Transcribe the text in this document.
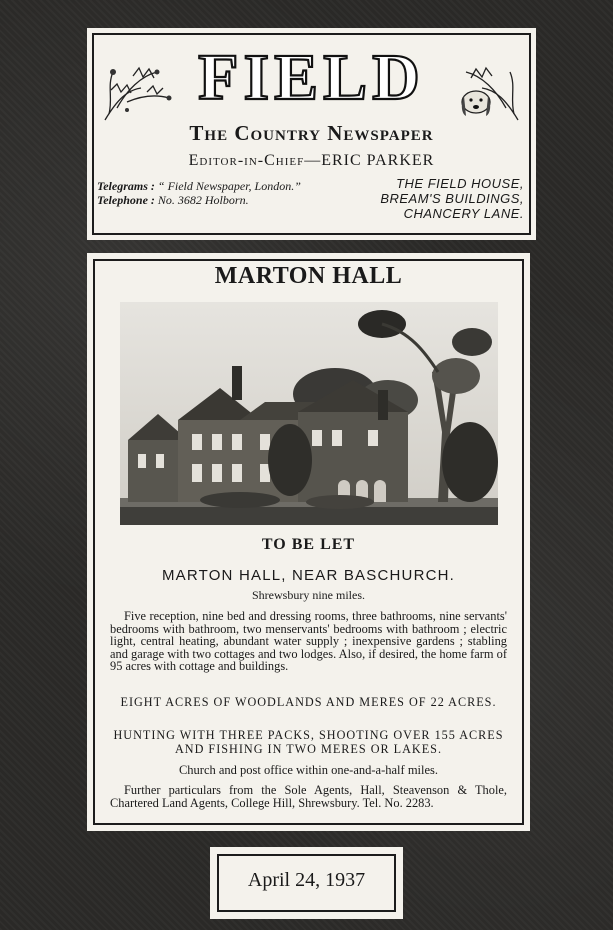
FIELD
The Country Newspaper
Editor-in-Chief—ERIC PARKER
Telegrams : “ Field Newspaper, London.”
Telephone : No. 3682 Holborn.
THE FIELD HOUSE,
BREAM'S BUILDINGS,
CHANCERY LANE.
MARTON HALL
TO BE LET
MARTON HALL, NEAR BASCHURCH.
Shrewsbury nine miles.
Five reception, nine bed and dressing rooms, three bathrooms, nine servants' bedrooms with bathroom, two menservants' bedrooms with bathroom ; electric light, central heating, abundant water supply ; inexpensive gardens ; stabling and garage with two cottages and two lodges. Also, if desired, the home farm of 95 acres with cottage and buildings.
EIGHT ACRES OF WOODLANDS AND MERES OF 22 ACRES.
HUNTING WITH THREE PACKS, SHOOTING OVER 155 ACRES AND FISHING IN TWO MERES OR LAKES.
Church and post office within one-and-a-half miles.
Further particulars from the Sole Agents, Hall, Steavenson & Thole, Chartered Land Agents, College Hill, Shrewsbury. Tel. No. 2283.
April 24, 1937
